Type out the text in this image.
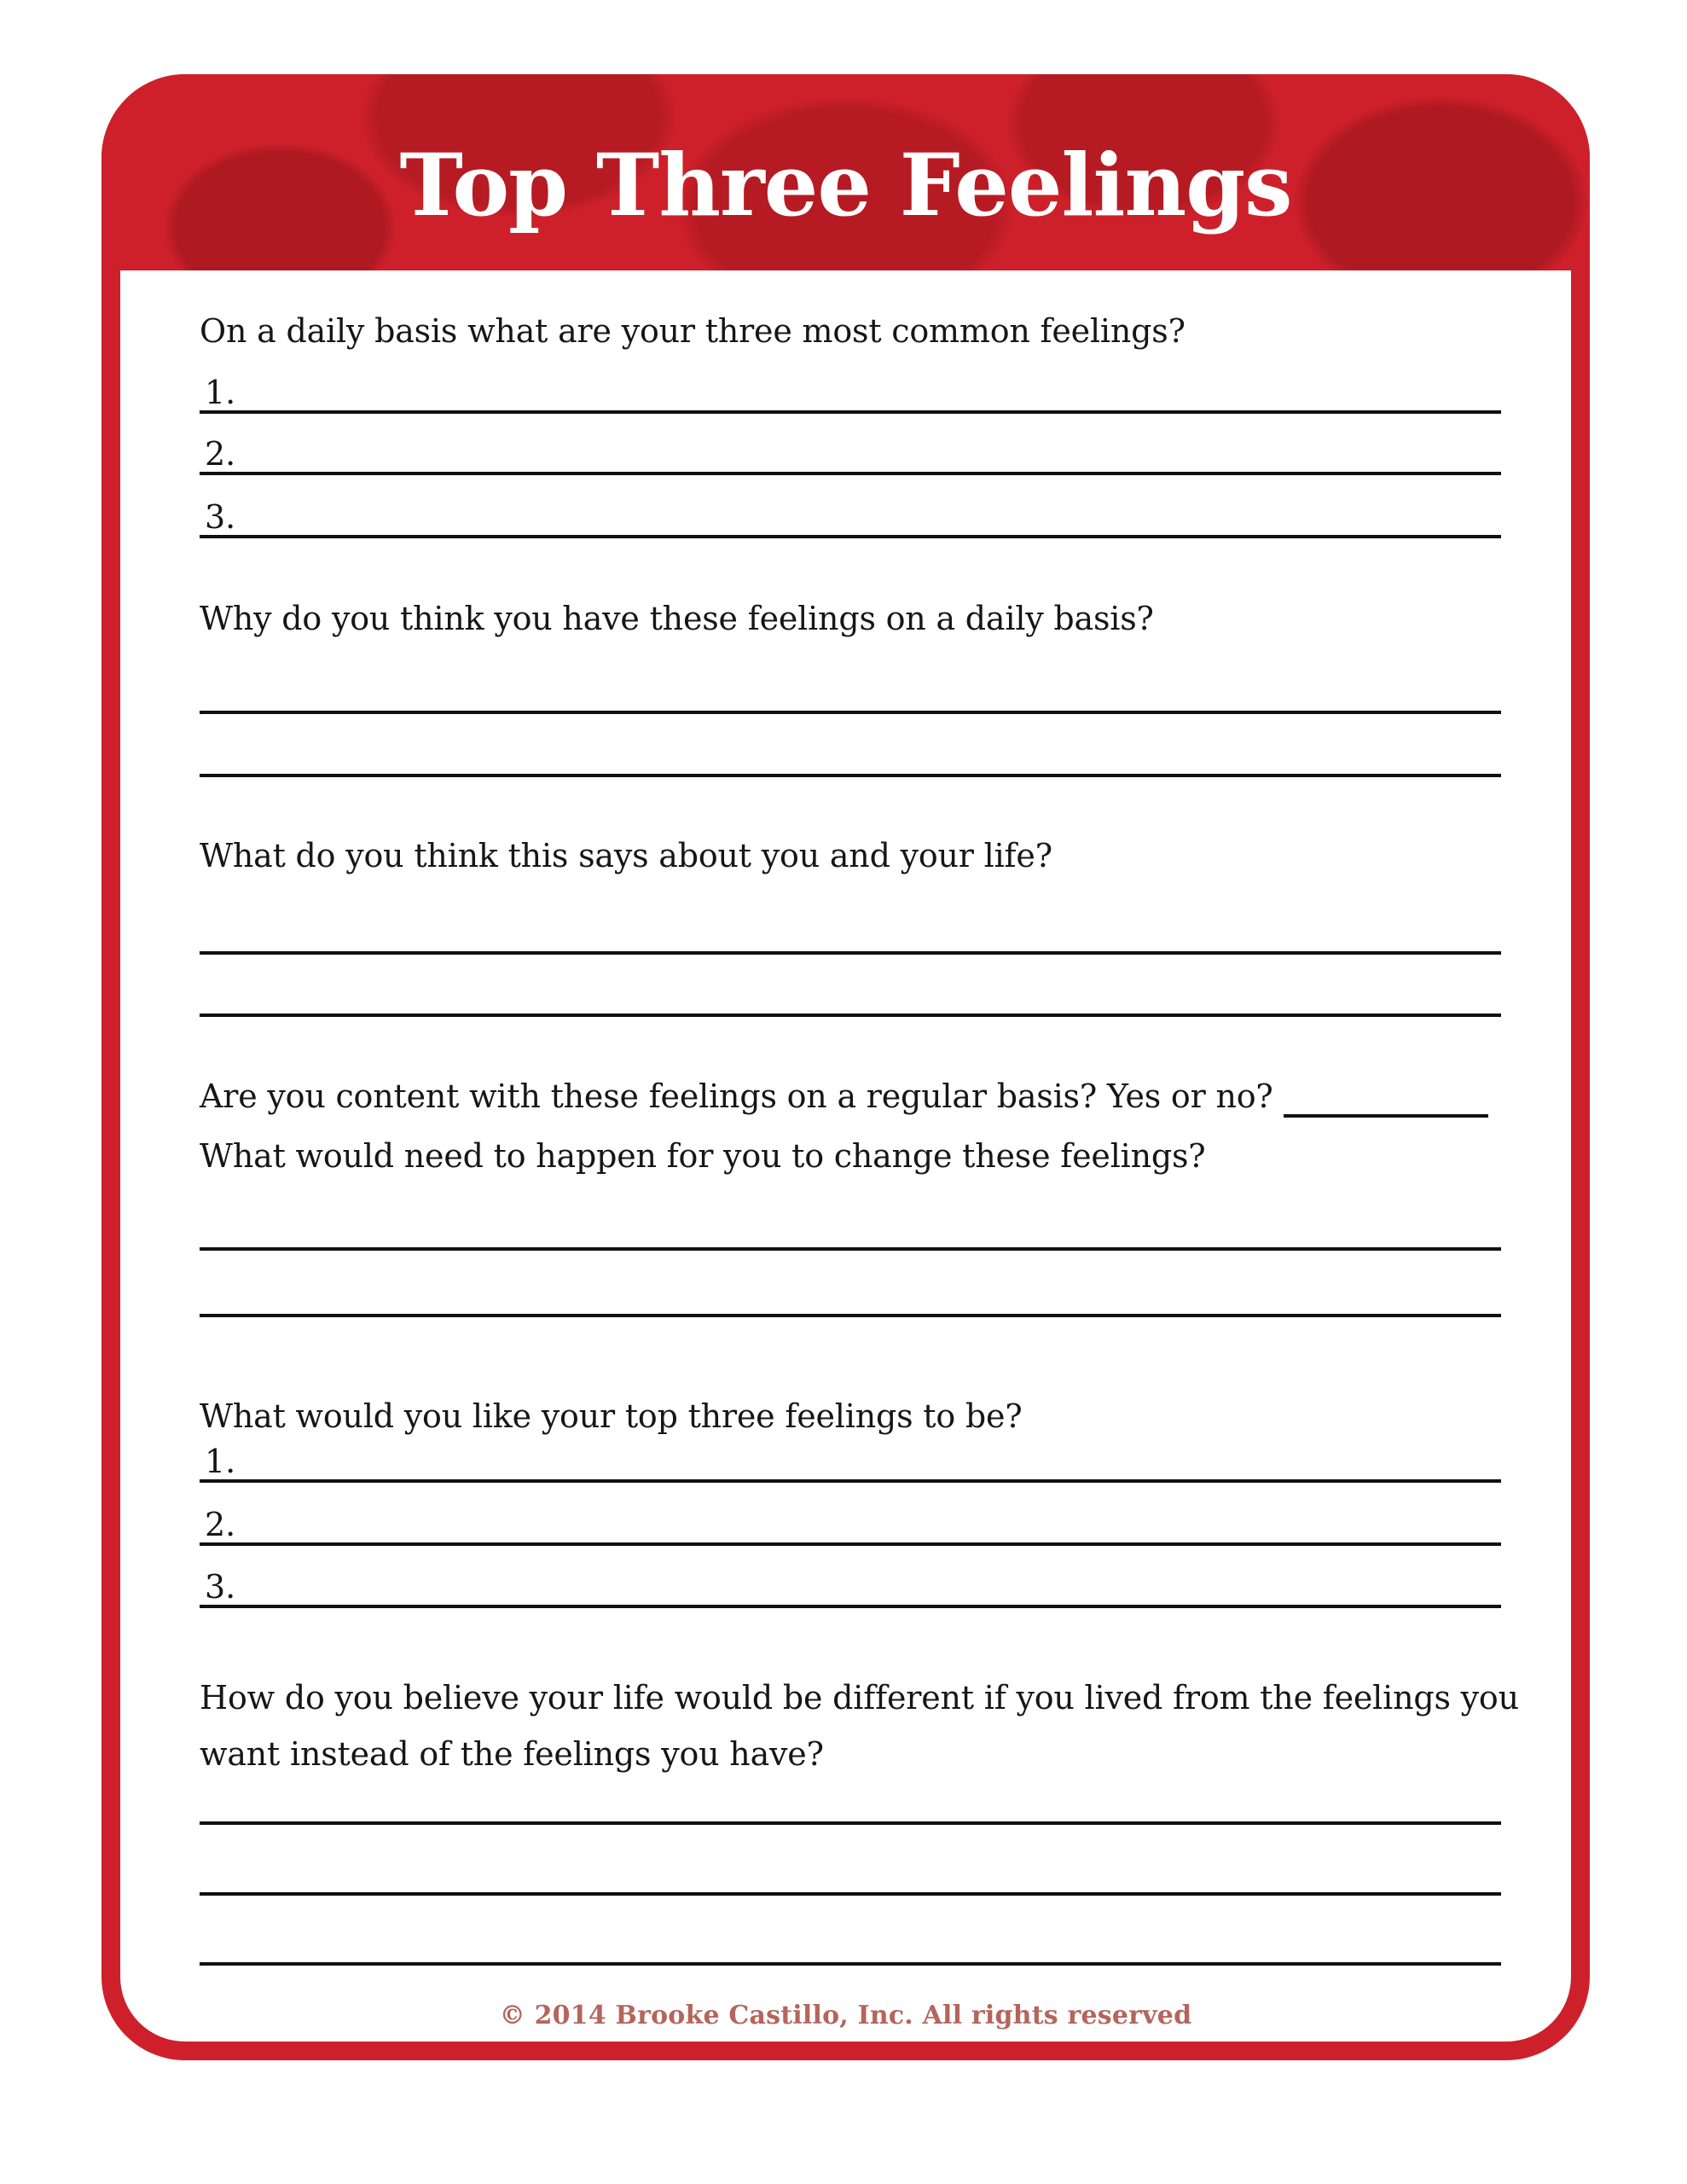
Top Three Feelings
On a daily basis what are your three most common feelings?
1.
2.
3.
Why do you think you have these feelings on a daily basis?
What do you think this says about you and your life?
Are you content with these feelings on a regular basis? Yes or no?
What would need to happen for you to change these feelings?
What would you like your top three feelings to be?
1.
2.
3.
How do you believe your life would be different if you lived from the feelings you want instead of the feelings you have?
© 2014 Brooke Castillo, Inc. All rights reserved
